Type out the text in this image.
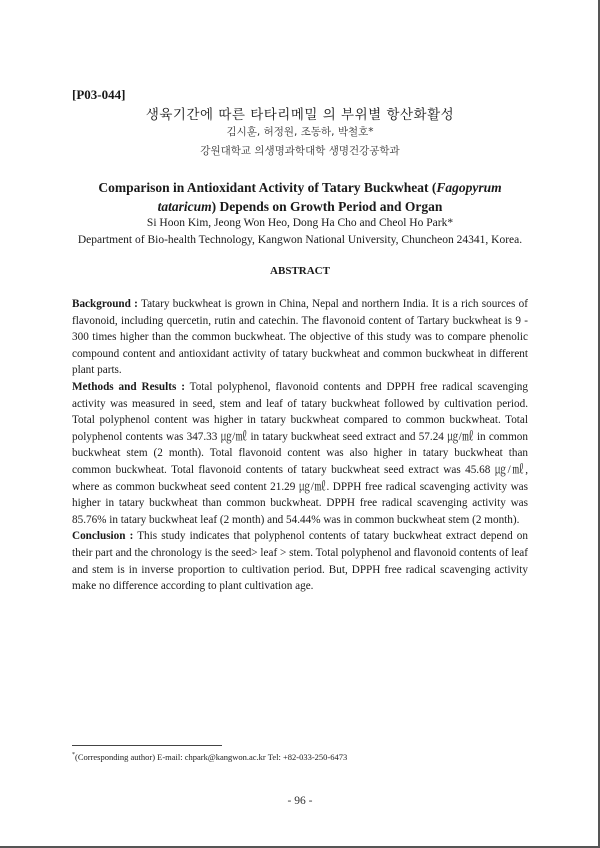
[P03-044]
생육기간에 따른 타타리메밀 의 부위별 항산화활성
김시훈, 허정원, 조동하, 박철호*
강원대학교 의생명과학대학 생명건강공학과
Comparison in Antioxidant Activity of Tatary Buckwheat (Fagopyrum tataricum) Depends on Growth Period and Organ
Si Hoon Kim, Jeong Won Heo, Dong Ha Cho and Cheol Ho Park*
Department of Bio-health Technology, Kangwon National University, Chuncheon 24341, Korea.
ABSTRACT

Background : Tatary buckwheat is grown in China, Nepal and northern India. It is a rich sources of flavonoid, including quercetin, rutin and catechin. The flavonoid content of Tartary buckwheat is 9 - 300 times higher than the common buckwheat. The objective of this study was to compare phenolic compound content and antioxidant activity of tatary buckwheat and common buckwheat in different plant parts.

Methods and Results : Total polyphenol, flavonoid contents and DPPH free radical scavenging activity was measured in seed, stem and leaf of tatary buckwheat followed by cultivation period. Total polyphenol content was higher in tatary buckwheat compared to common buckwheat. Total polyphenol contents was 347.33 ㎍/㎖ in tatary buckwheat seed extract and 57.24 ㎍/㎖ in common buckwheat stem (2 month). Total flavonoid content was also higher in tatary buckwheat than common buckwheat. Total flavonoid contents of tatary buckwheat seed extract was 45.68 ㎍/㎖, where as common buckwheat seed content 21.29 ㎍/㎖. DPPH free radical scavenging activity was higher in tatary buckwheat than common buckwheat. DPPH free radical scavenging activity was 85.76% in tatary buckwheat leaf (2 month) and 54.44% was in common buckwheat stem (2 month).

Conclusion : This study indicates that polyphenol contents of tatary buckwheat extract depend on their part and the chronology is the seed> leaf > stem. Total polyphenol and flavonoid contents of leaf and stem is in inverse proportion to cultivation period. But, DPPH free radical scavenging activity make no difference according to plant cultivation age.

*(Corresponding author) E-mail: chpark@kangwon.ac.kr Tel: +82-033-250-6473
- 96 -
